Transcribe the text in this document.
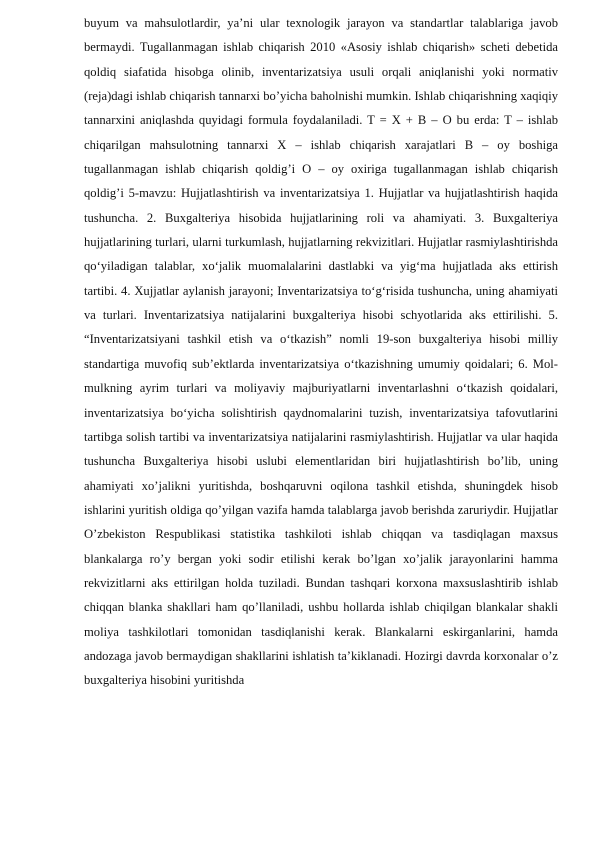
buyum va mahsulotlardir, ya’ni ular texnologik jarayon va standartlar talablariga javob bermaydi. Tugallanmagan ishlab chiqarish 2010 «Asosiy ishlab chiqarish» scheti debetida qoldiq siafatida hisobga olinib, inventarizatsiya usuli orqali aniqlanishi yoki normativ (reja)dagi ishlab chiqarish tannarxi bo’yicha baholnishi mumkin. Ishlab chiqarishning xaqiqiy tannarxini aniqlashda quyidagi formula foydalaniladi. T = X + B – O bu erda: T – ishlab chiqarilgan mahsulotning tannarxi X – ishlab chiqarish xarajatlari B – oy boshiga tugallanmagan ishlab chiqarish qoldig’i O – oy oxiriga tugallanmagan ishlab chiqarish qoldig’i 5-mavzu: Hujjatlashtirish va inventarizatsiya 1. Hujjatlar va hujjatlashtirish haqida tushuncha. 2. Buxgalteriya hisobida hujjatlarining roli va ahamiyati. 3. Buxgalteriya hujjatlarining turlari, ularni turkumlash, hujjatlarning rekvizitlari. Hujjatlar rasmiylashtirishda qo‘yiladigan talablar, xo‘jalik muomalalarini dastlabki va yig‘ma hujjatlada aks ettirish tartibi. 4. Xujjatlar aylanish jarayoni; Inventarizatsiya to‘g‘risida tushuncha, uning ahamiyati va turlari. Inventarizatsiya natijalarini buxgalteriya hisobi schyotlarida aks ettirilishi. 5. “Inventarizatsiyani tashkil etish va o‘tkazish” nomli 19-son buxgalteriya hisobi milliy standartiga muvofiq sub’ektlarda inventarizatsiya o‘tkazishning umumiy qoidalari; 6. Mol-mulkning ayrim turlari va moliyaviy majburiyatlarni inventarlashni o‘tkazish qoidalari, inventarizatsiya bo‘yicha solishtirish qaydnomalarini tuzish, inventarizatsiya tafovutlarini tartibga solish tartibi va inventarizatsiya natijalarini rasmiylashtirish. Hujjatlar va ular haqida tushuncha Buxgalteriya hisobi uslubi elementlaridan biri hujjatlashtirish bo’lib, uning ahamiyati xo’jalikni yuritishda, boshqaruvni oqilona tashkil etishda, shuningdek hisob ishlarini yuritish oldiga qo’yilgan vazifa hamda talablarga javob berishda zaruriydir. Hujjatlar O’zbekiston Respublikasi statistika tashkiloti ishlab chiqqan va tasdiqlagan maxsus blankalarga ro’y bergan yoki sodir etilishi kerak bo’lgan xo’jalik jarayonlarini hamma rekvizitlarni aks ettirilgan holda tuziladi. Bundan tashqari korxona maxsuslashtirib ishlab chiqqan blanka shakllari ham qo’llaniladi, ushbu hollarda ishlab chiqilgan blankalar shakli moliya tashkilotlari tomonidan tasdiqlanishi kerak. Blankalarni eskirganlarini, hamda andozaga javob bermaydigan shakllarini ishlatish ta’kiklanadi. Hozirgi davrda korxonalar o’z buxgalteriya hisobini yuritishda
